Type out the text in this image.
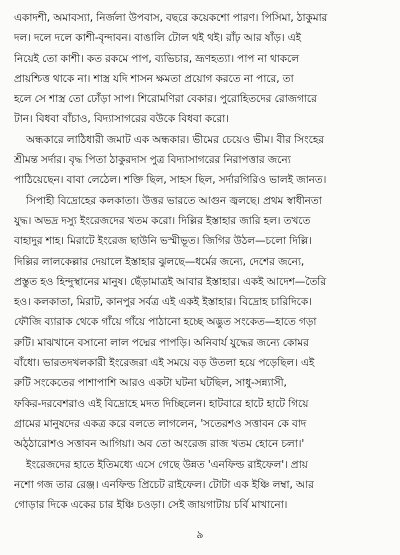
একাদশী, অমাবস্যা, নির্জলা উপবাস, বছরে কয়েকশো পারণ। পিসিমা, ঠাকুমার
দল। দলে দলে কাশী-বৃন্দাবন। বাঙালি টোল থই থই। রাঁঢ় আর ষাঁড়। এই
নিয়েই তো কাশী। কত রকমে পাপ, ব্যভিচার, ভ্রূণহত্যা। পাপ না থাকলে
প্রায়শ্চিত্ত থাকে না। শাস্ত্র যদি শাসন ক্ষমতা প্রয়োগ করতে না পারে, তা
হলে সে শাস্ত্র তো ঢোঁড়া সাপ। শিরোমণিরা বেকার। পুরোহিতদের রোজগারে
টান। বিধবা বাঁচাও, বিদ্যাসাগরের বউকে বিধবা করো।
অন্ধকারে লাঠিধারী জমাট এক অন্ধকার। ভীমের চেয়েও ভীম। বীর সিংহের
শ্রীমন্ত সর্দার। বৃদ্ধ পিতা ঠাকুরদাস পুত্র বিদ্যাসাগরের নিরাপত্তার জন্যে
পাঠিয়েছেন। বাবা লেঠেল। শক্তি ছিল, সাহস ছিল, সর্দারগিরিও ভালই জানত।
সিপাহী বিদ্রোহের কলকাতা। উত্তর ভারতে আগুন জ্বলছে। প্রথম স্বাধীনতা
যুদ্ধ। অভদ্র দস্যু ইংরেজদের খতম করো। দিল্লির ইস্তাহার জারি হল। তখতে
বাহাদুর শাহ। মিরাটে ইংরেজ ছাউনি ভস্মীভূত। জিগির উঠল—চলো দিল্লি।
দিল্লির লালকেল্লার দেয়ালে ইস্তাহার ঝুলছে—ধর্মের জন্যে, দেশের জন্যে,
প্রস্তুত হও হিন্দুস্থানের মানুষ। ছেঁড়ামাত্রই আবার ইস্তাহার। একই আদেশ—তৈরি
হও। কলকাতা, মিরাট, কানপুর সর্বত্র এই একই ইস্তাহার। বিদ্রোহ চারিদিকে।
ফৌজি ব্যারাক থেকে গাঁয়ে গাঁয়ে পাঠানো হচ্ছে অদ্ভুত সংকেত—হাতে গড়া
রুটি। মাঝখানে বসানো লাল পদ্মের পাপড়ি। অনিবার্য যুদ্ধের জন্যে কোমর
বাঁধো। ভারতদখলকারী ইংরেজরা এই সময়ে বড় উতলা হয়ে পড়েছিল। এই
রুটি সংকেতের পাশাপাশি আরও একটা ঘটনা ঘটছিল, সাধু-সন্ন্যাসী,
ফকির-দরবেশরাও এই বিদ্রোহে মদত দিচ্ছিলেন। হাটবারে হাটে হাটে গিয়ে
গ্রামের মানুষদের একত্র করে বলতে লাগলেন, 'সতেরশও সত্তাবন কে বাদ
অঠ্ঠারোশও সত্তাবন আগিয়া। অব তো অংরেজ রাজ খতম হোনে চলা।'
ইংরেজদের হাতে ইতিমধ্যে এসে গেছে উন্নত 'এনফিল্ড রাইফেল'। প্রায়
নশো গজ তার রেঞ্জ। এনফিল্ড প্রিচেট রাইফেল। টোটা এক ইঞ্চি লম্বা, আর
গোড়ার দিকে একের চার ইঞ্চি চওড়া। সেই জায়গাটায় চর্বি মাখানো।
৯
